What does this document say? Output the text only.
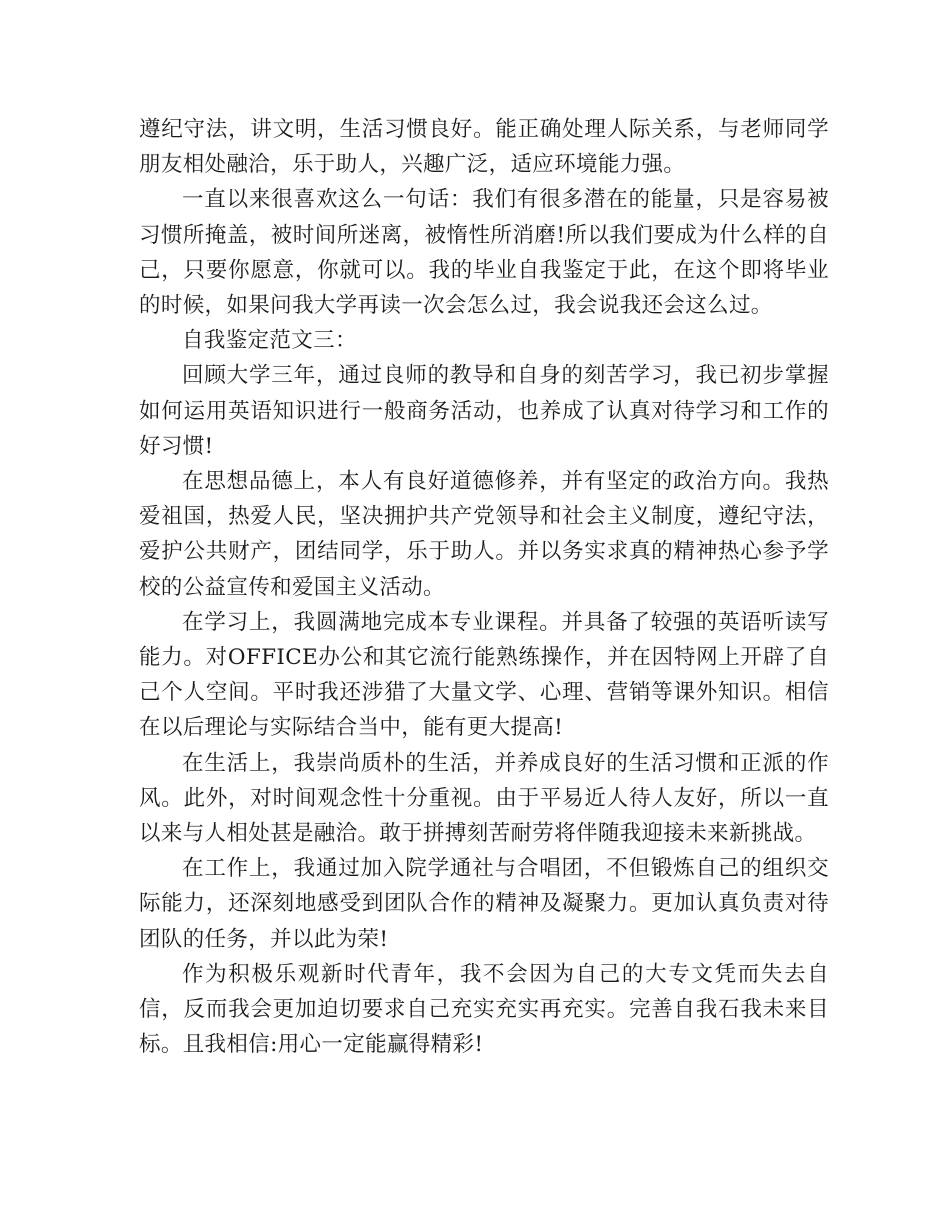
遵纪守法，讲文明，生活习惯良好。能正确处理人际关系，与老师同学朋友相处融洽，乐于助人，兴趣广泛，适应环境能力强。

一直以来很喜欢这么一句话：我们有很多潜在的能量，只是容易被习惯所掩盖，被时间所迷离，被惰性所消磨!所以我们要成为什么样的自己，只要你愿意，你就可以。我的毕业自我鉴定于此，在这个即将毕业的时候，如果问我大学再读一次会怎么过，我会说我还会这么过。

自我鉴定范文三：

回顾大学三年，通过良师的教导和自身的刻苦学习，我已初步掌握如何运用英语知识进行一般商务活动，也养成了认真对待学习和工作的好习惯!

在思想品德上，本人有良好道德修养，并有坚定的政治方向。我热爱祖国，热爱人民，坚决拥护共产党领导和社会主义制度，遵纪守法，爱护公共财产，团结同学，乐于助人。并以务实求真的精神热心参予学校的公益宣传和爱国主义活动。

在学习上，我圆满地完成本专业课程。并具备了较强的英语听读写能力。对OFFICE办公和其它流行能熟练操作，并在因特网上开辟了自己个人空间。平时我还涉猎了大量文学、心理、营销等课外知识。相信在以后理论与实际结合当中，能有更大提高!

在生活上，我崇尚质朴的生活，并养成良好的生活习惯和正派的作风。此外，对时间观念性十分重视。由于平易近人待人友好，所以一直以来与人相处甚是融洽。敢于拼搏刻苦耐劳将伴随我迎接未来新挑战。

在工作上，我通过加入院学通社与合唱团，不但锻炼自己的组织交际能力，还深刻地感受到团队合作的精神及凝聚力。更加认真负责对待团队的任务，并以此为荣!

作为积极乐观新时代青年，我不会因为自己的大专文凭而失去自信，反而我会更加迫切要求自己充实充实再充实。完善自我石我未来目标。且我相信:用心一定能赢得精彩!
